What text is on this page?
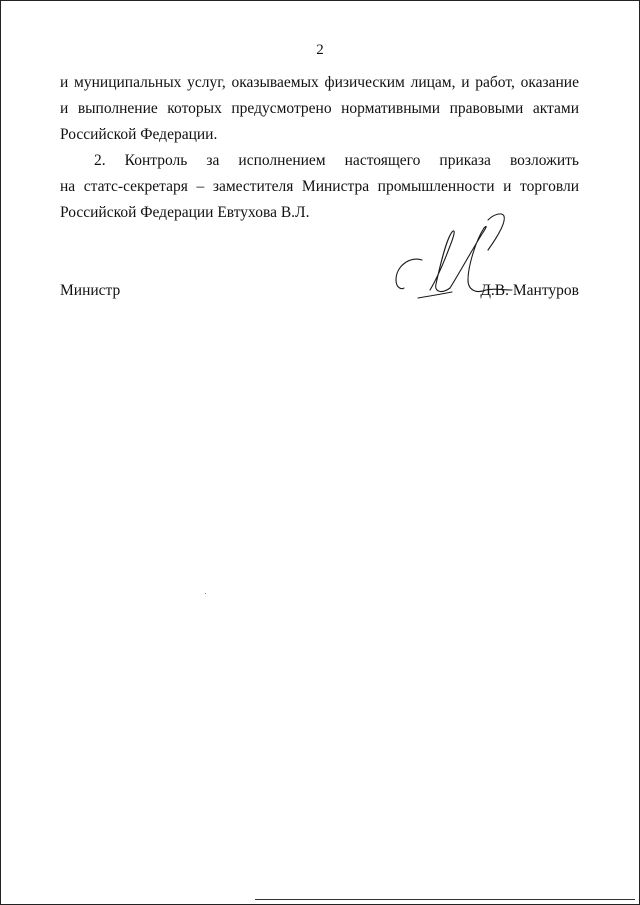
2
и муниципальных услуг, оказываемых физическим лицам, и работ, оказание
и выполнение которых предусмотрено нормативными правовыми актами
Российской Федерации.
2. Контроль за исполнением настоящего приказа возложить
на статс-секретаря – заместителя Министра промышленности и торговли
Российской Федерации Евтухова В.Л.
Министр	Д.В. Мантуров
